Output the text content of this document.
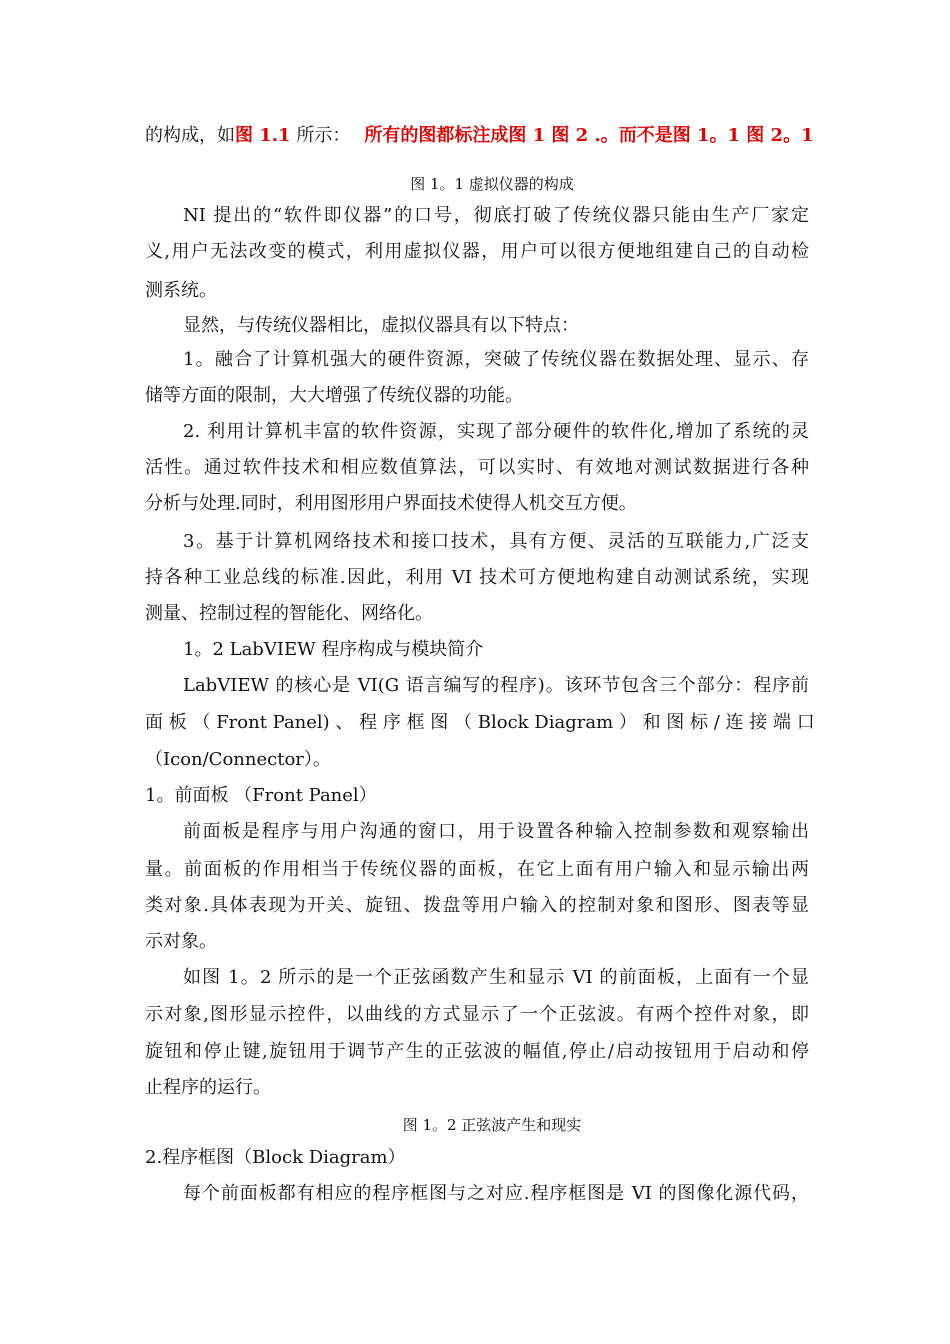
的构成，如图 1.1 所示： 所有的图都标注成图 1 图 2 .。而不是图 1。1 图 2。1
图 1。1 虚拟仪器的构成
NI 提出的“软件即仪器”的口号，彻底打破了传统仪器只能由生产厂家定
义,用户无法改变的模式，利用虚拟仪器，用户可以很方便地组建自己的自动检
测系统。
显然，与传统仪器相比，虚拟仪器具有以下特点：
1。融合了计算机强大的硬件资源，突破了传统仪器在数据处理、显示、存
储等方面的限制，大大增强了传统仪器的功能。
2. 利用计算机丰富的软件资源，实现了部分硬件的软件化,增加了系统的灵
活性。通过软件技术和相应数值算法，可以实时、有效地对测试数据进行各种
分析与处理.同时，利用图形用户界面技术使得人机交互方便。
3。基于计算机网络技术和接口技术，具有方便、灵活的互联能力,广泛支
持各种工业总线的标准.因此，利用 VI 技术可方便地构建自动测试系统，实现
测量、控制过程的智能化、网络化。
1。2 LabVIEW 程序构成与模块简介
LabVIEW 的核心是 VI(G 语言编写的程序)。该环节包含三个部分：程序前
面 板 （ Front Panel) 、 程 序 框 图 （ Block Diagram ） 和 图 标 / 连 接 端 口
（Icon/Connector）。
1。前面板 （Front Panel）
前面板是程序与用户沟通的窗口，用于设置各种输入控制参数和观察输出
量。前面板的作用相当于传统仪器的面板，在它上面有用户输入和显示输出两
类对象.具体表现为开关、旋钮、拨盘等用户输入的控制对象和图形、图表等显
示对象。
如图 1。2 所示的是一个正弦函数产生和显示 VI 的前面板，上面有一个显
示对象,图形显示控件，以曲线的方式显示了一个正弦波。有两个控件对象，即
旋钮和停止键,旋钮用于调节产生的正弦波的幅值,停止/启动按钮用于启动和停
止程序的运行。
图 1。2 正弦波产生和现实
2.程序框图（Block Diagram）
每个前面板都有相应的程序框图与之对应.程序框图是 VI 的图像化源代码，
